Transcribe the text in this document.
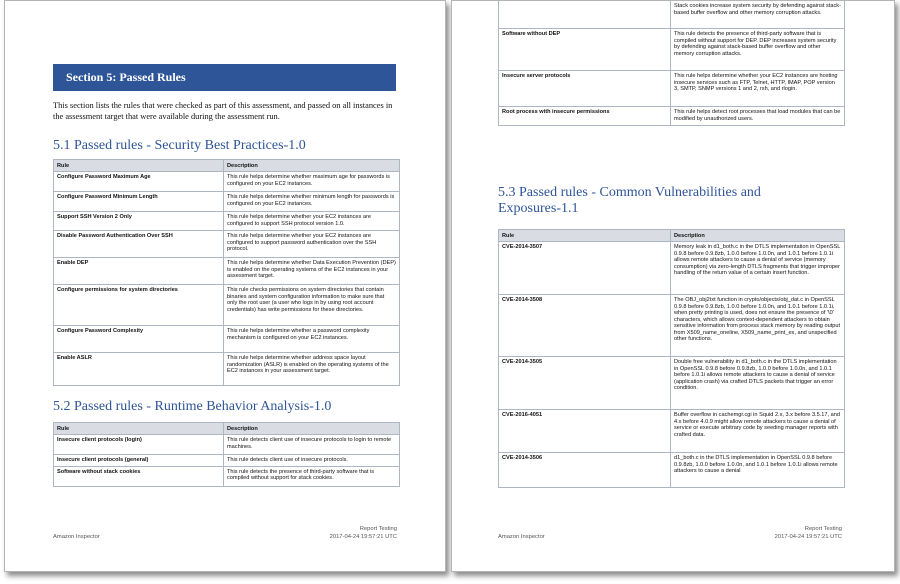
Section 5: Passed Rules

This section lists the rules that were checked as part of this assessment, and passed on all instances in the assessment target that were available during the assessment run.

5.1 Passed rules - Security Best Practices-1.0
Rule	Description
Configure Password Maximum Age	This rule helps determine whether maximum age for passwords is configured on your EC2 instances.
Configure Password Minimum Length	This rule helps determine whether minimum length for passwords is configured on your EC2 instances.
Support SSH Version 2 Only	This rule helps determine whether your EC2 instances are configured to support SSH protocol version 1.0.
Disable Password Authentication Over SSH	This rule helps determine whether your EC2 instances are configured to support password authentication over the SSH protocol.
Enable DEP	This rule helps determine whether Data Execution Prevention (DEP) is enabled on the operating systems of the EC2 instances in your assessment target.
Configure permissions for system directories	This rule checks permissions on system directories that contain binaries and system configuration information to make sure that only the root user (a user who logs in by using root account credentials) has write permissions for these directories.
Configure Password Complexity	This rule helps determine whether a password complexity mechanism is configured on your EC2 instances.
Enable ASLR	This rule helps determine whether address space layout randomization (ASLR) is enabled on the operating systems of the EC2 instances in your assessment target.
5.2 Passed rules - Runtime Behavior Analysis-1.0
Rule	Description
Insecure client protocols (login)	This rule detects client use of insecure protocols to login to remote machines.
Insecure client protocols (general)	This rule detects client use of insecure protocols.
Software without stack cookies	This rule detects the presence of third-party software that is compiled without support for stack cookies.
Amazon Inspector
Report Testing
2017-04-24 19:57:21 UTC
	Stack cookies increase system security by defending against stack-based buffer overflow and other memory corruption attacks.
Software without DEP	This rule detects the presence of third-party software that is compiled without support for DEP. DEP increases system security by defending against stack-based buffer overflow and other memory corruption attacks.
Insecure server protocols	This rule helps determine whether your EC2 instances are hosting insecure services such as FTP, Telnet, HTTP, IMAP, POP version 3, SMTP, SNMP versions 1 and 2, rsh, and rlogin.
Root process with insecure permissions	This rule helps detect root processes that load modules that can be modified by unauthorized users.
5.3 Passed rules - Common Vulnerabilities and
Exposures-1.1
Rule	Description
CVE-2014-3507	Memory leak in d1_both.c in the DTLS implementation in OpenSSL 0.9.8 before 0.9.8zb, 1.0.0 before 1.0.0n, and 1.0.1 before 1.0.1i allows remote attackers to cause a denial of service (memory consumption) via zero-length DTLS fragments that trigger improper handling of the return value of a certain insert function.
CVE-2014-3508	The OBJ_obj2txt function in crypto/objects/obj_dat.c in OpenSSL 0.9.8 before 0.9.8zb, 1.0.0 before 1.0.0n, and 1.0.1 before 1.0.1i, when pretty printing is used, does not ensure the presence of '\0' characters, which allows context-dependent attackers to obtain sensitive information from process stack memory by reading output from X509_name_oneline, X509_name_print_ex, and unspecified other functions.
CVE-2014-3505	Double free vulnerability in d1_both.c in the DTLS implementation in OpenSSL 0.9.8 before 0.9.8zb, 1.0.0 before 1.0.0n, and 1.0.1 before 1.0.1i allows remote attackers to cause a denial of service (application crash) via crafted DTLS packets that trigger an error condition.
CVE-2016-4051	Buffer overflow in cachemgr.cgi in Squid 2.x, 3.x before 3.5.17, and 4.x before 4.0.9 might allow remote attackers to cause a denial of service or execute arbitrary code by seeding manager reports with crafted data.
CVE-2014-3506	d1_both.c in the DTLS implementation in OpenSSL 0.9.8 before 0.9.8zb, 1.0.0 before 1.0.0n, and 1.0.1 before 1.0.1i allows remote attackers to cause a denial
Amazon Inspector
Report Testing
2017-04-24 19:57:21 UTC
